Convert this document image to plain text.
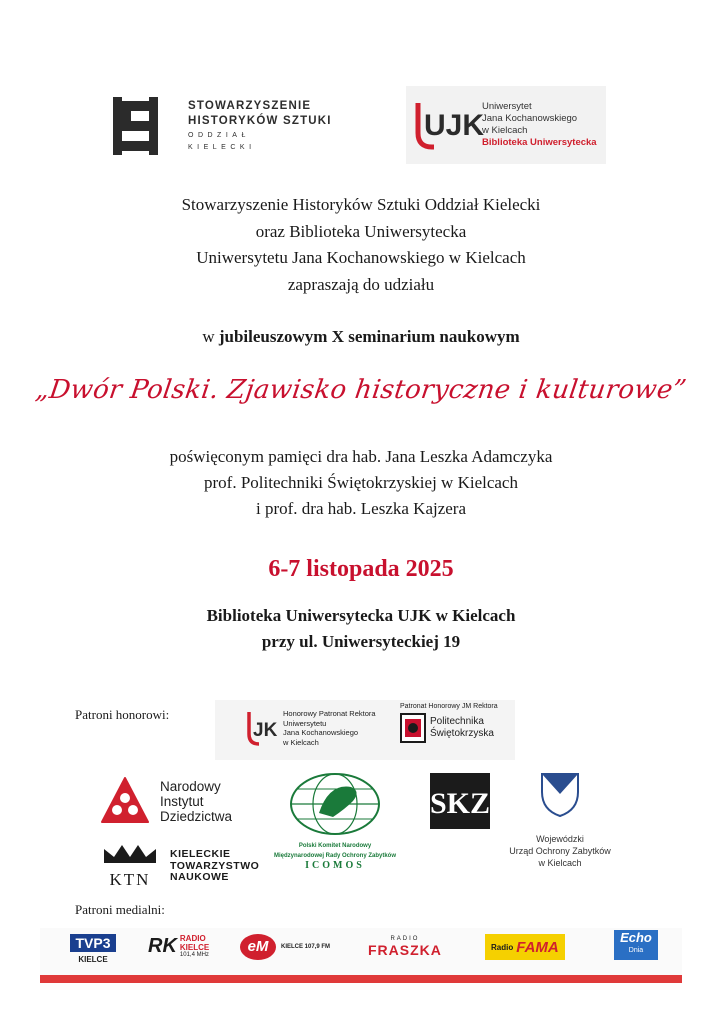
STOWARZYSZENIE
HISTORYKÓW SZTUKI
ODDZIAŁ
KIELECKI
UJK
Uniwersytet
Jana Kochanowskiego
w Kielcach
Biblioteka Uniwersytecka
Stowarzyszenie Historyków Sztuki Oddział Kielecki
oraz Biblioteka Uniwersytecka
Uniwersytetu Jana Kochanowskiego w Kielcach
zapraszają do udziału
w jubileuszowym X seminarium naukowym
„Dwór Polski. Zjawisko historyczne i kulturowe”
poświęconym pamięci dra hab. Jana Leszka Adamczyka
prof. Politechniki Świętokrzyskiej w Kielcach
i prof. dra hab. Leszka Kajzera
6-7 listopada 2025
Biblioteka Uniwersytecka UJK w Kielcach
przy ul. Uniwersyteckiej 19
Patroni honorowi:
JK
Honorowy Patronat Rektora
Uniwersytetu
Jana Kochanowskiego
w Kielcach
Patronat Honorowy JM Rektora
Politechnika
Świętokrzyska
Narodowy
Instytut
Dziedzictwa
Polski Komitet Narodowy
Międzynarodowej Rady Ochrony Zabytków
ICOMOS
SKZ
Wojewódzki
Urząd Ochrony Zabytków
w Kielcach
KTN
KIELECKIE
TOWARZYSTWO
NAUKOWE
Patroni medialni:
TVP3
KIELCE
RK RADIO KIELCE
101,4 MHz	eM	KIELCE 107,9 FM
RADIO
FRASZKA	Radio FAMA
Echo
Dnia
